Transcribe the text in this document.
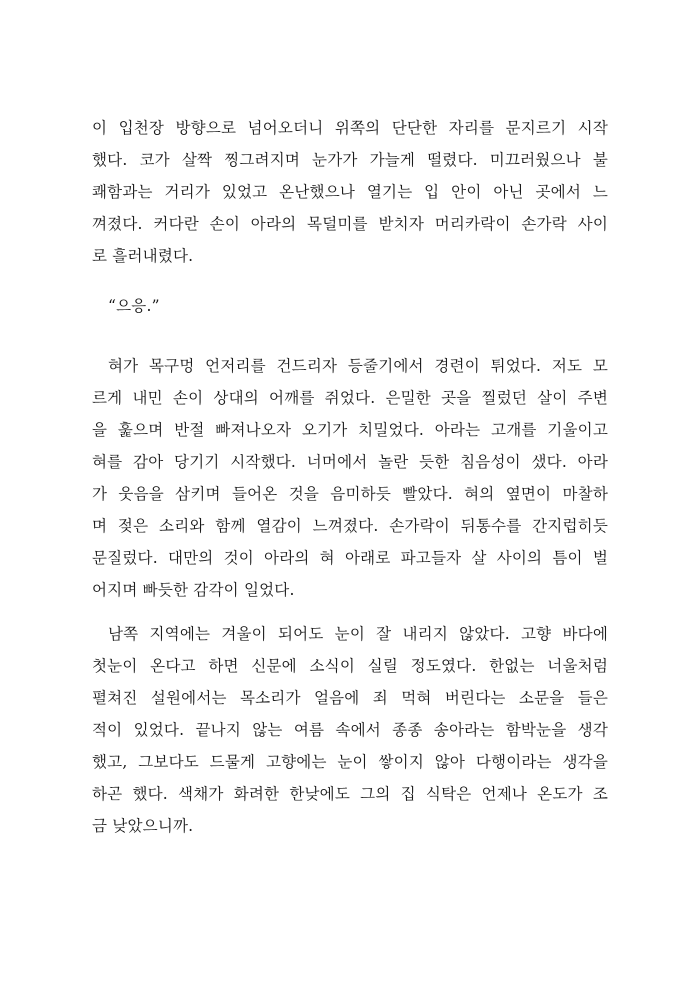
이 입천장 방향으로 넘어오더니 위쪽의 단단한 자리를 문지르기 시작
했다. 코가 살짝 찡그려지며 눈가가 가늘게 떨렸다. 미끄러웠으나 불
쾌함과는 거리가 있었고 온난했으나 열기는 입 안이 아닌 곳에서 느
껴졌다. 커다란 손이 아라의 목덜미를 받치자 머리카락이 손가락 사이
로 흘러내렸다.
“으응.”
혀가 목구멍 언저리를 건드리자 등줄기에서 경련이 튀었다. 저도 모
르게 내민 손이 상대의 어깨를 쥐었다. 은밀한 곳을 찔렀던 살이 주변
을 훑으며 반절 빠져나오자 오기가 치밀었다. 아라는 고개를 기울이고
혀를 감아 당기기 시작했다. 너머에서 놀란 듯한 침음성이 샜다. 아라
가 웃음을 삼키며 들어온 것을 음미하듯 빨았다. 혀의 옆면이 마찰하
며 젖은 소리와 함께 열감이 느껴졌다. 손가락이 뒤통수를 간지럽히듯
문질렀다. 대만의 것이 아라의 혀 아래로 파고들자 살 사이의 틈이 벌
어지며 빠듯한 감각이 일었다.
남쪽 지역에는 겨울이 되어도 눈이 잘 내리지 않았다. 고향 바다에
첫눈이 온다고 하면 신문에 소식이 실릴 정도였다. 한없는 너울처럼
펼쳐진 설원에서는 목소리가 얼음에 죄 먹혀 버린다는 소문을 들은
적이 있었다. 끝나지 않는 여름 속에서 종종 송아라는 함박눈을 생각
했고, 그보다도 드물게 고향에는 눈이 쌓이지 않아 다행이라는 생각을
하곤 했다. 색채가 화려한 한낮에도 그의 집 식탁은 언제나 온도가 조
금 낮았으니까.
